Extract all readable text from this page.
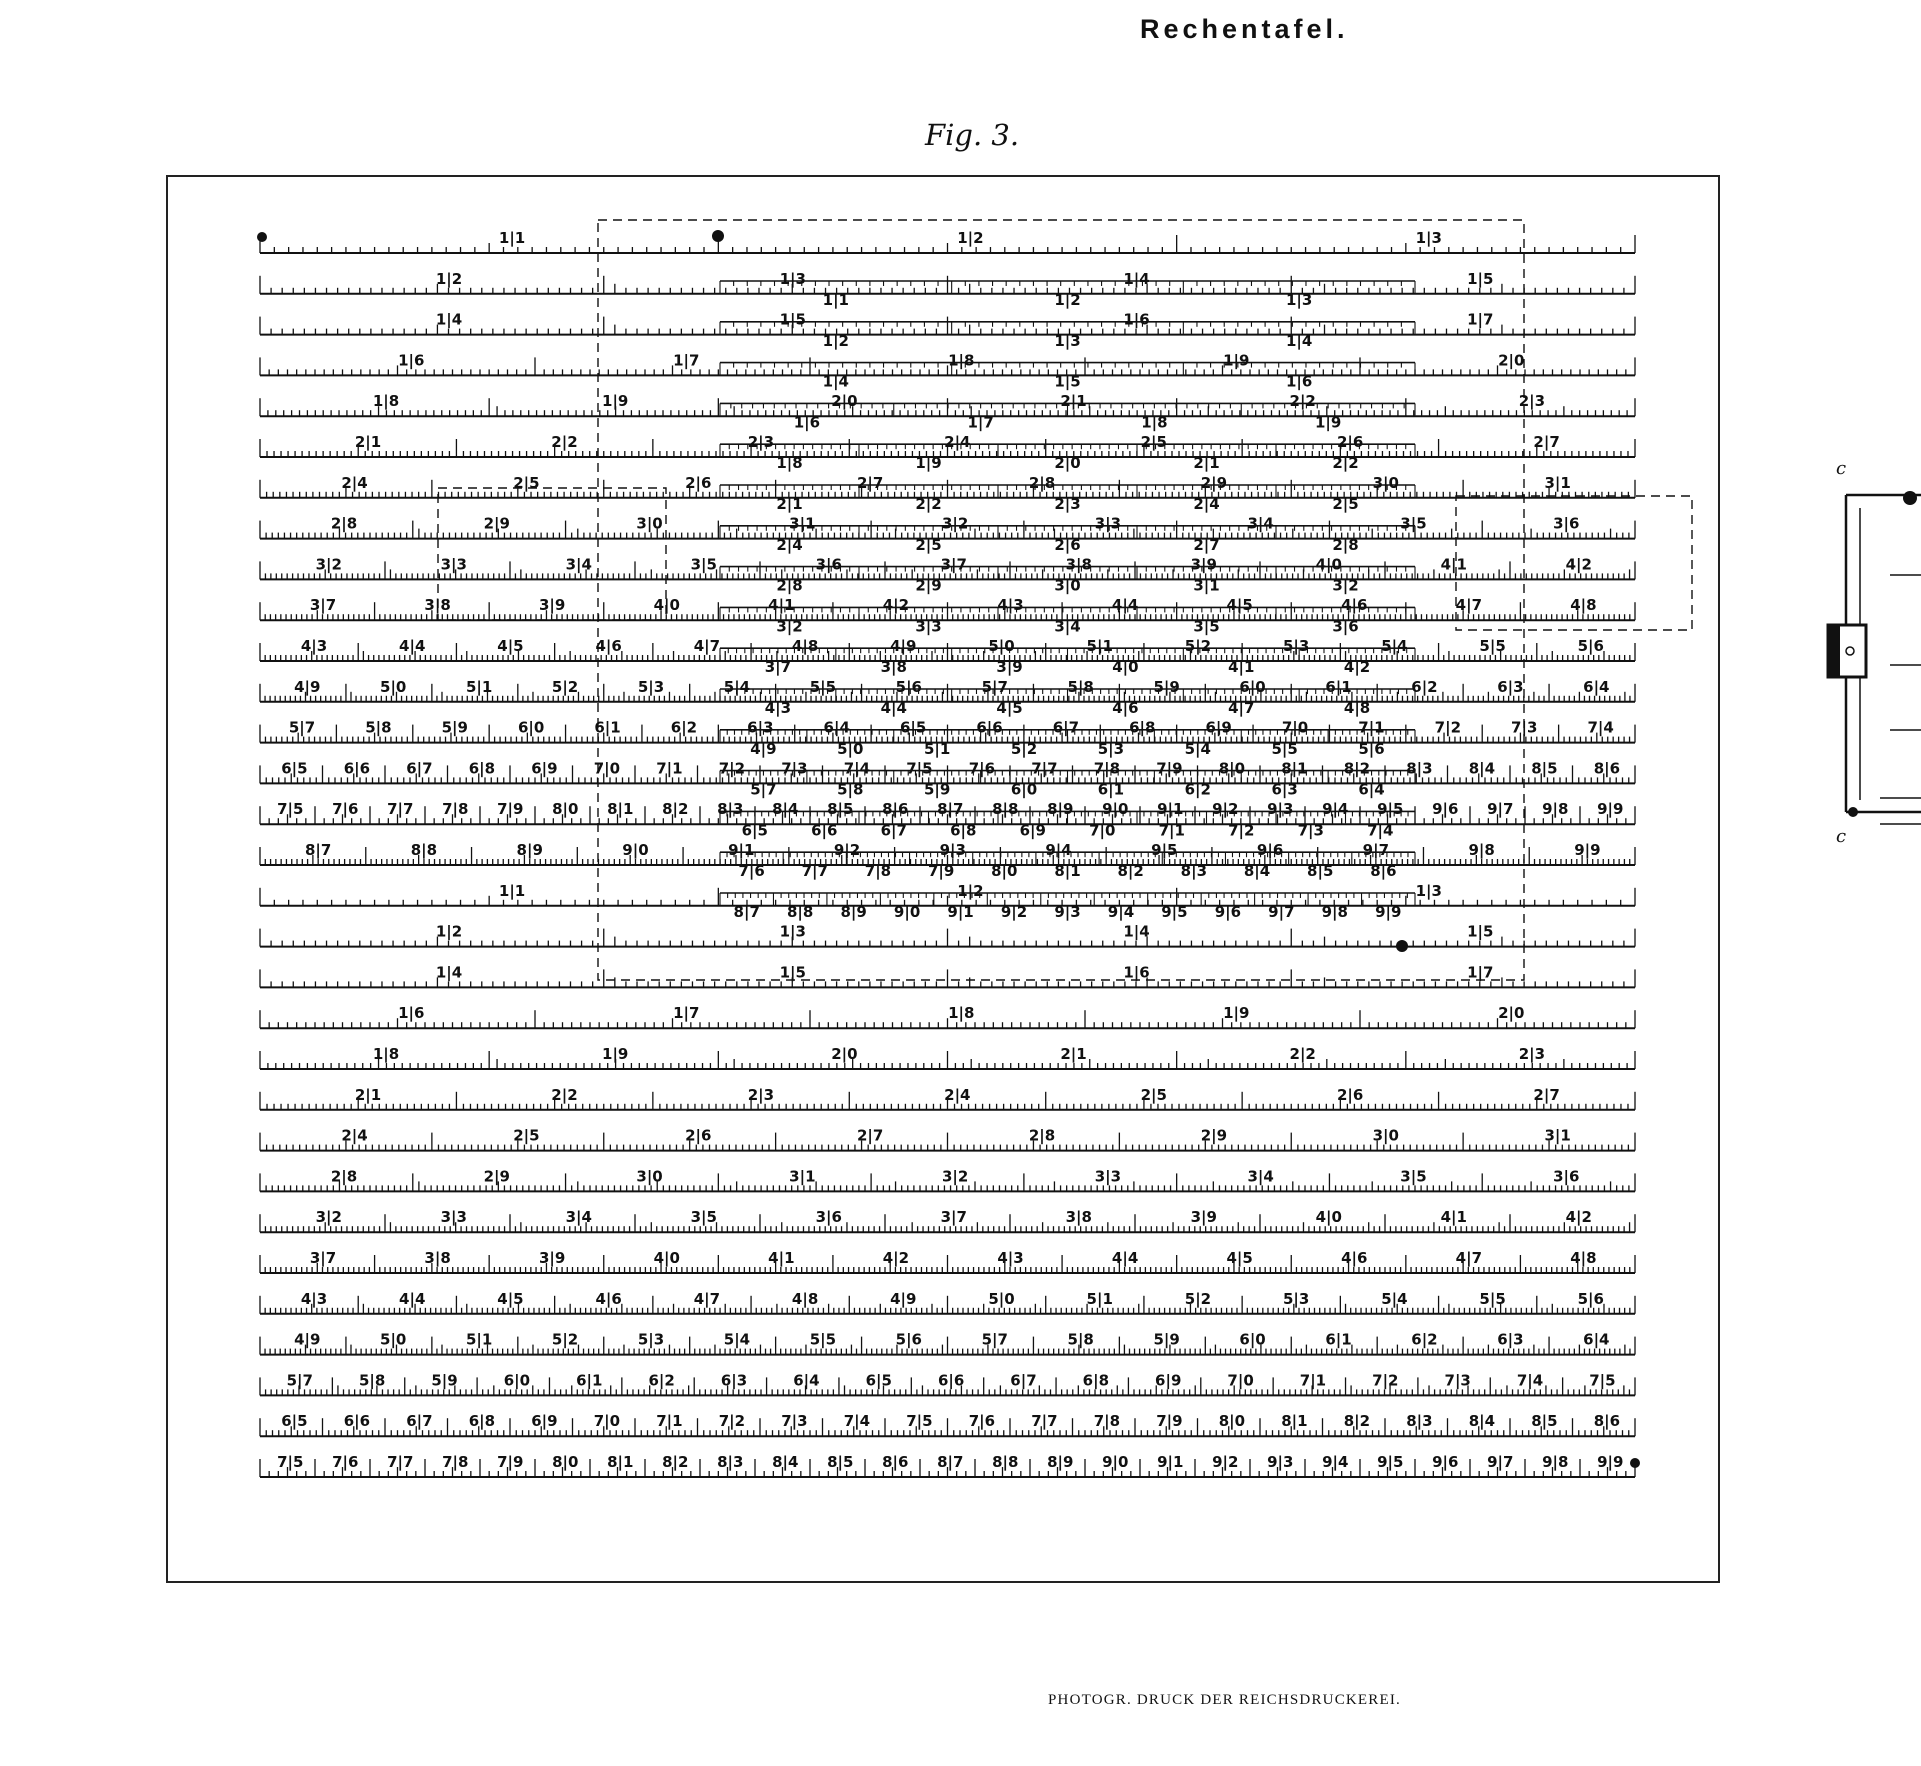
Rechentafel.
Fig. 3.
1|1	1|2	1|3
1|2	1|3	1|4	1|5
1|4	1|5	1|6	1|7
1|6	1|7	1|8	1|9	2|0
1|8	1|9	2|0	2|1	2|2	2|3
2|1	2|2	2|3	2|4	2|5	2|6	2|7
2|4	2|5	2|6	2|7	2|8	2|9	3|0	3|1
2|8	2|9	3|0	3|1	3|2	3|3	3|4	3|5	3|6
3|2	3|3	3|4	3|5	3|6	3|7	3|8	3|9	4|0	4|1	4|2
3|7	3|8	3|9	4|0	4|1	4|2	4|3	4|4	4|5	4|6	4|7	4|8
4|3	4|4	4|5	4|6	4|7	4|8	4|9	5|0	5|1	5|2	5|3	5|4	5|5	5|6
4|9	5|0	5|1	5|2	5|3	5|4	5|5	5|6	5|7	5|8	5|9	6|0	6|1	6|2	6|3	6|4
5|7	5|8	5|9	6|0	6|1	6|2	6|3	6|4	6|5	6|6	6|7	6|8	6|9	7|0	7|1	7|2	7|3	7|4
6|5 6|6 6|7 6|8 6|9 7|0 7|1 7|2 7|3 7|4 7|5 7|6 7|7 7|8 7|9 8|0 8|1 8|2 8|3 8|4 8|5 8|6
7|5 7|6 7|7 7|8 7|9 8|0 8|1 8|2 8|3 8|4 8|5 8|6 8|7 8|8 8|9 9|0 9|1 9|2 9|3 9|4 9|5 9|6 9|7 9|8 9|9
8|7	8|8	8|9	9|0	9|1	9|2	9|3	9|4	9|5	9|6	9|7	9|8	9|9
1|1	1|2	1|3
1|2	1|3	1|4	1|5
1|4	1|5	1|6	1|7
1|6	1|7	1|8	1|9	2|0
1|8	1|9	2|0	2|1	2|2	2|3
2|1	2|2	2|3	2|4	2|5	2|6	2|7
2|4	2|5	2|6	2|7	2|8	2|9	3|0	3|1
2|8	2|9	3|0	3|1	3|2	3|3	3|4	3|5	3|6
3|2	3|3	3|4	3|5	3|6	3|7	3|8	3|9	4|0	4|1	4|2
3|7	3|8	3|9	4|0	4|1	4|2	4|3	4|4	4|5	4|6	4|7	4|8
4|3	4|4	4|5	4|6	4|7	4|8	4|9	5|0	5|1	5|2	5|3	5|4	5|5	5|6
4|9	5|0	5|1	5|2	5|3	5|4	5|5	5|6	5|7	5|8	5|9	6|0	6|1	6|2	6|3	6|4
5|7	5|8	5|9	6|0	6|1	6|2	6|3	6|4	6|5	6|6	6|7	6|8	6|9	7|0	7|1	7|2	7|3	7|4	7|5
6|5 6|6 6|7 6|8 6|9 7|0 7|1 7|2 7|3 7|4 7|5 7|6 7|7 7|8 7|9 8|0 8|1 8|2 8|3 8|4 8|5 8|6
7|5 7|6 7|7 7|8 7|9 8|0 8|1 8|2 8|3 8|4 8|5 8|6 8|7 8|8 8|9 9|0 9|1 9|2 9|3 9|4 9|5 9|6 9|7 9|8 9|9
1|1	1|2	1|3
1|2	1|3	1|4
1|4	1|5	1|6
1|6	1|7	1|8	1|9
1|8	1|9	2|0	2|1	2|2
2|1	2|2	2|3	2|4	2|5
2|4	2|5	2|6	2|7	2|8
2|8	2|9	3|0	3|1	3|2
3|2	3|3	3|4	3|5	3|6
3|7	3|8	3|9	4|0	4|1	4|2
4|3	4|4	4|5	4|6	4|7	4|8
4|9	5|0	5|1	5|2	5|3	5|4	5|5	5|6
5|7	5|8	5|9	6|0	6|1	6|2	6|3	6|4
6|5	6|6	6|7	6|8	6|9	7|0	7|1	7|2	7|3	7|4
7|6 7|7 7|8 7|9 8|0 8|1 8|2 8|3 8|4 8|5 8|6
8|7 8|8 8|9 9|0 9|1 9|2 9|3 9|4 9|5 9|6 9|7 9|8 9|9
c
c
PHOTOGR. DRUCK DER REICHSDRUCKEREI.
